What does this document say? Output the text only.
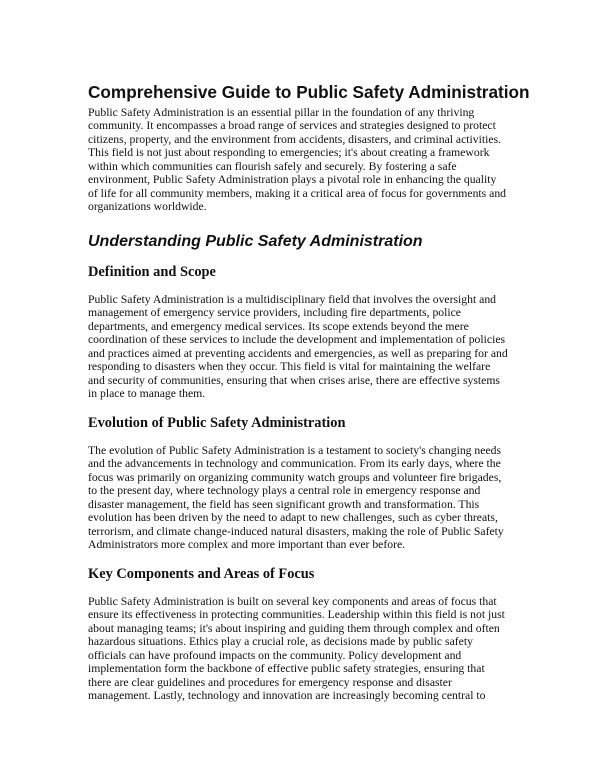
Comprehensive Guide to Public Safety Administration
Public Safety Administration is an essential pillar in the foundation of any thriving
community. It encompasses a broad range of services and strategies designed to protect
citizens, property, and the environment from accidents, disasters, and criminal activities.
This field is not just about responding to emergencies; it's about creating a framework
within which communities can flourish safely and securely. By fostering a safe
environment, Public Safety Administration plays a pivotal role in enhancing the quality
of life for all community members, making it a critical area of focus for governments and
organizations worldwide.
Understanding Public Safety Administration
Definition and Scope
Public Safety Administration is a multidisciplinary field that involves the oversight and
management of emergency service providers, including fire departments, police
departments, and emergency medical services. Its scope extends beyond the mere
coordination of these services to include the development and implementation of policies
and practices aimed at preventing accidents and emergencies, as well as preparing for and
responding to disasters when they occur. This field is vital for maintaining the welfare
and security of communities, ensuring that when crises arise, there are effective systems
in place to manage them.
Evolution of Public Safety Administration
The evolution of Public Safety Administration is a testament to society's changing needs
and the advancements in technology and communication. From its early days, where the
focus was primarily on organizing community watch groups and volunteer fire brigades,
to the present day, where technology plays a central role in emergency response and
disaster management, the field has seen significant growth and transformation. This
evolution has been driven by the need to adapt to new challenges, such as cyber threats,
terrorism, and climate change-induced natural disasters, making the role of Public Safety
Administrators more complex and more important than ever before.
Key Components and Areas of Focus
Public Safety Administration is built on several key components and areas of focus that
ensure its effectiveness in protecting communities. Leadership within this field is not just
about managing teams; it's about inspiring and guiding them through complex and often
hazardous situations. Ethics play a crucial role, as decisions made by public safety
officials can have profound impacts on the community. Policy development and
implementation form the backbone of effective public safety strategies, ensuring that
there are clear guidelines and procedures for emergency response and disaster
management. Lastly, technology and innovation are increasingly becoming central to
